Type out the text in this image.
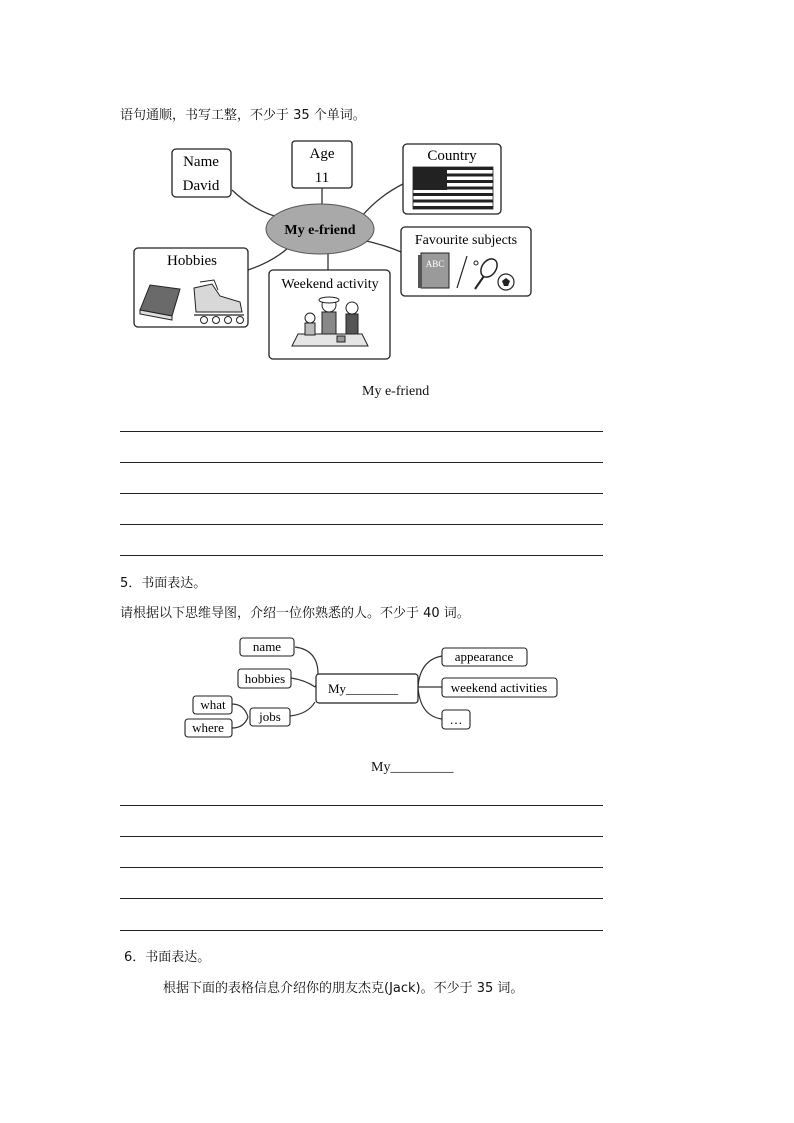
语句通顺，书写工整，不少于 35 个单词。
My e-friend
Name
David
Age
11
Country
Favourite subjects
ABC
Hobbies
Weekend activity
My e-friend
5．书面表达。
请根据以下思维导图，介绍一位你熟悉的人。不少于 40 词。
name
hobbies
jobs
what
where
My________
appearance
weekend activities
…
My_________
6．书面表达。
根据下面的表格信息介绍你的朋友杰克(Jack)。不少于 35 词。
